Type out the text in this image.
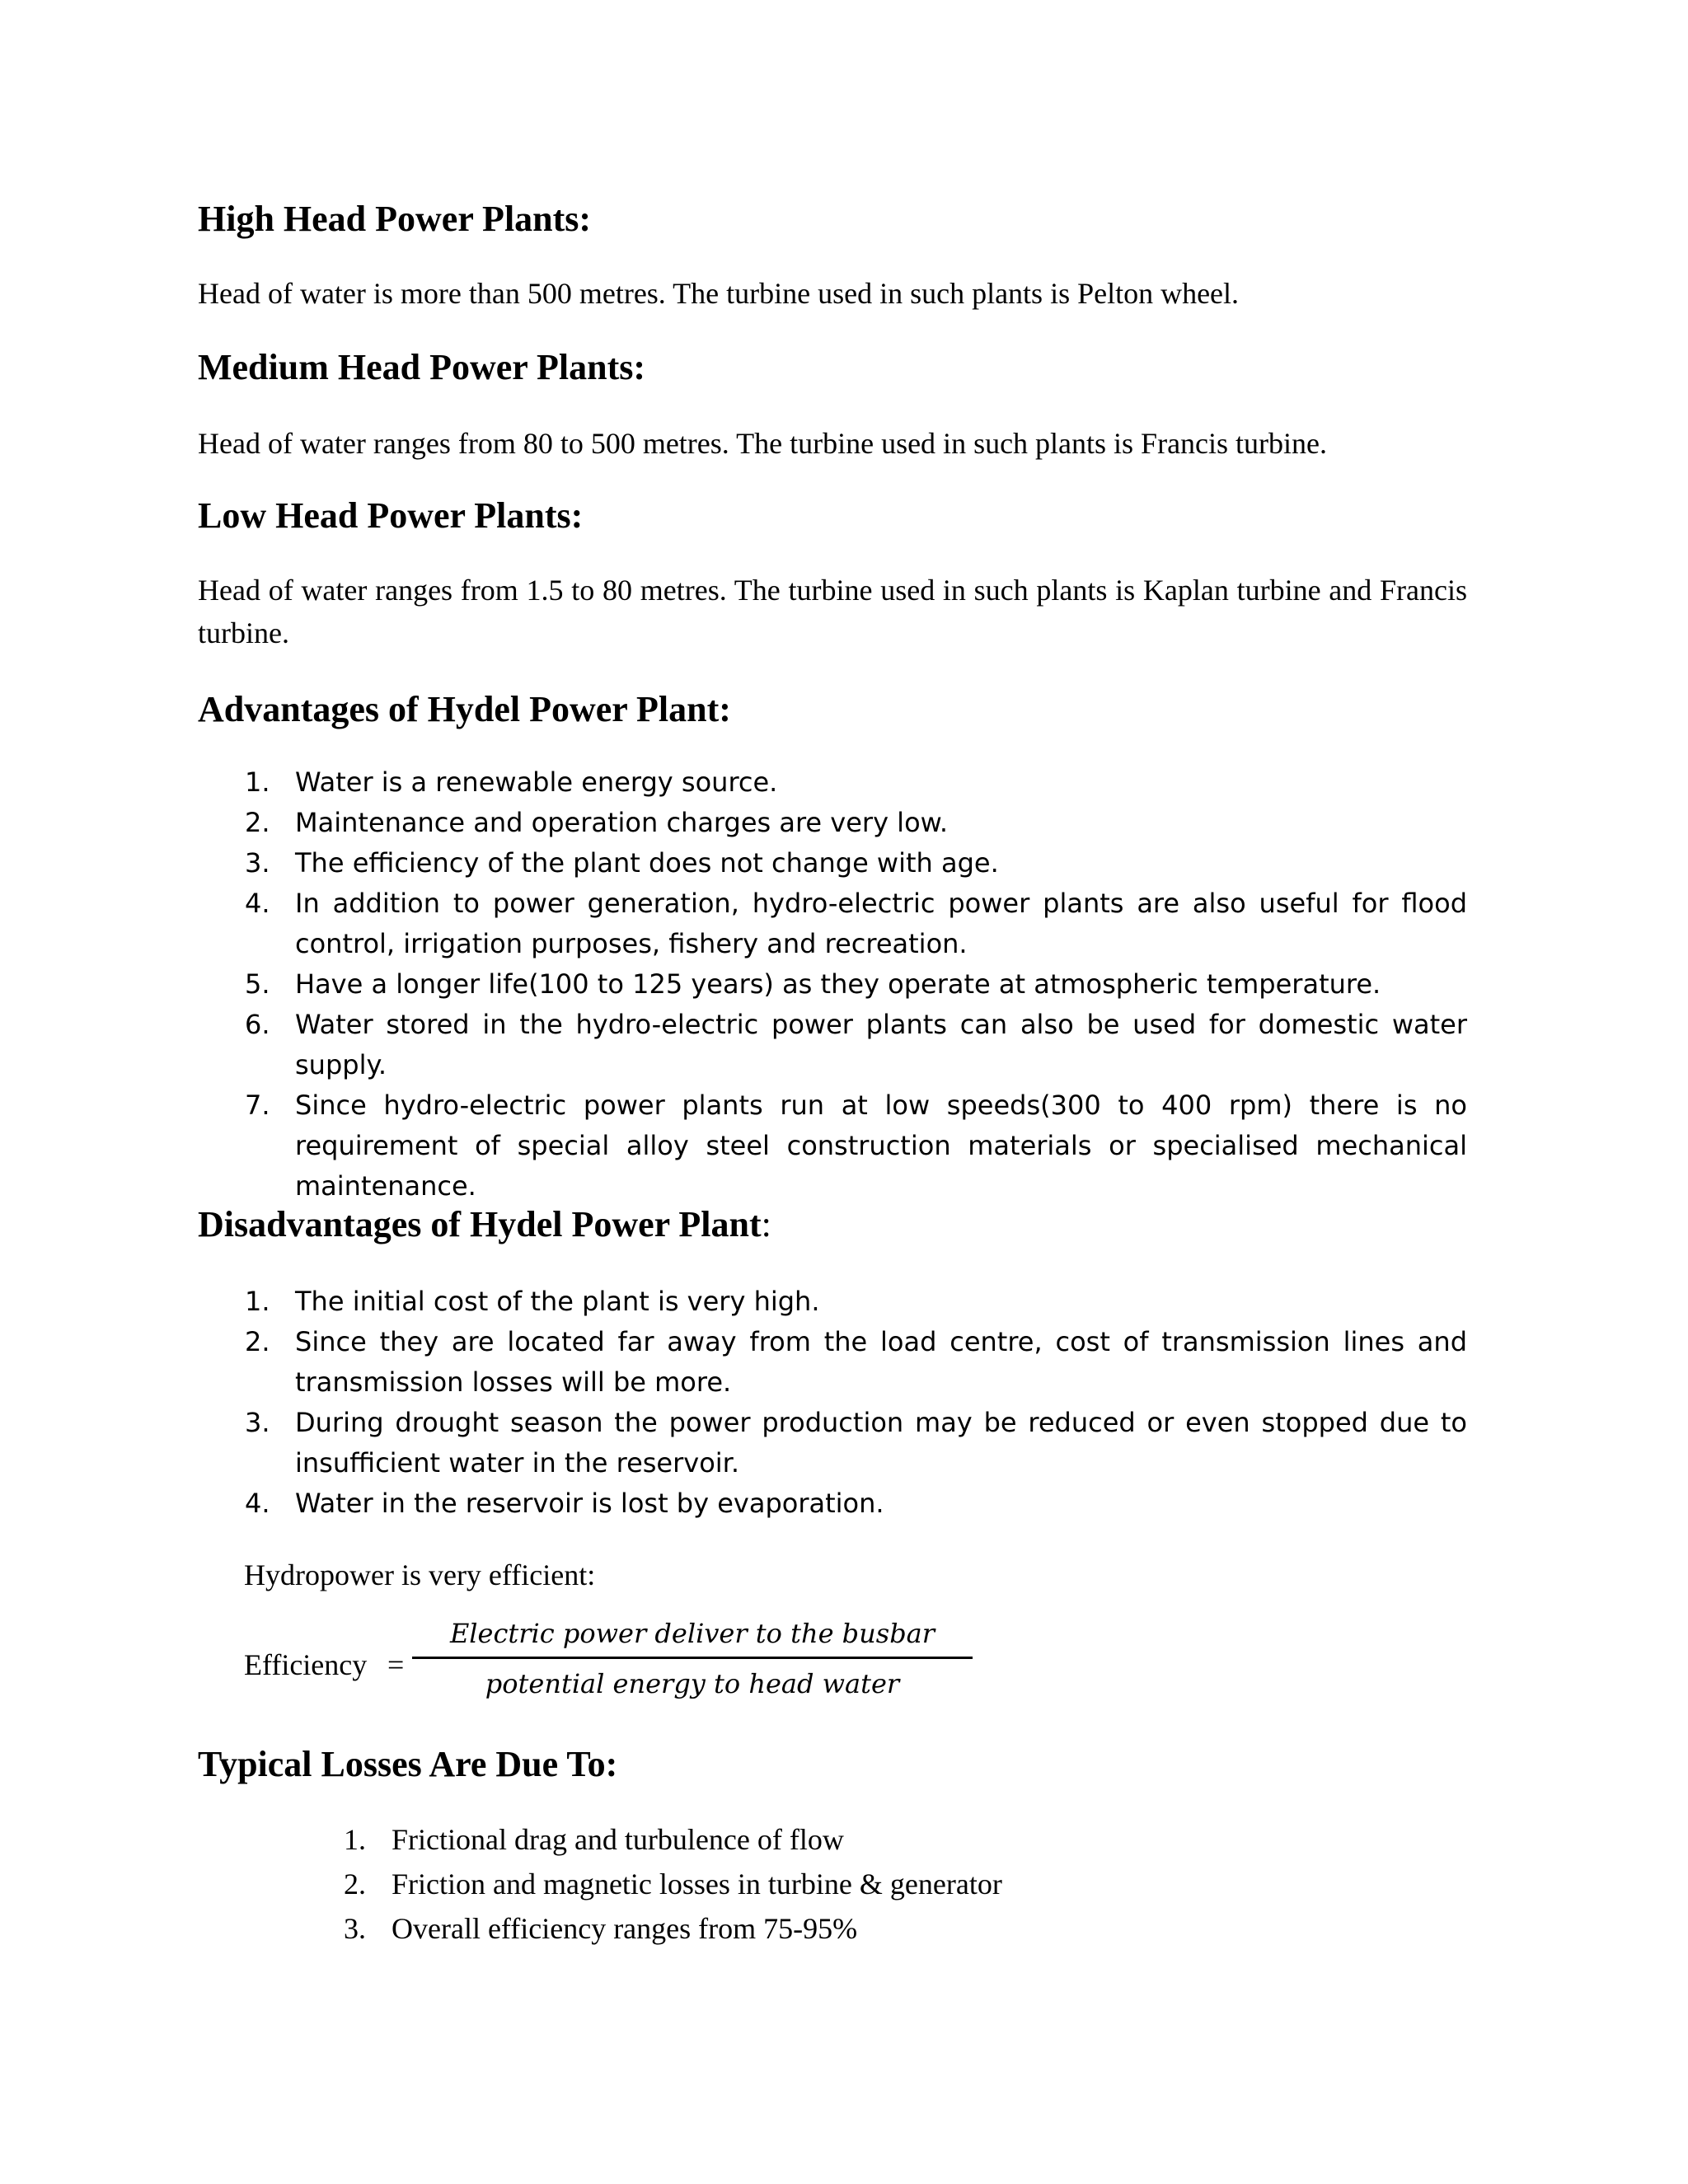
High Head Power Plants:

Head of water is more than 500 metres. The turbine used in such plants is Pelton wheel.

Medium Head Power Plants:

Head of water ranges from 80 to 500 metres. The turbine used in such plants is Francis turbine.

Low Head Power Plants:

Head of water ranges from 1.5 to 80 metres. The turbine used in such plants is Kaplan turbine and Francis turbine.

Advantages of Hydel Power Plant:
1. Water is a renewable energy source.
2. Maintenance and operation charges are very low.
3. The efficiency of the plant does not change with age.
4. In addition to power generation, hydro-electric power plants are also useful for flood control, irrigation purposes, fishery and recreation.
5. Have a longer life(100 to 125 years) as they operate at atmospheric temperature.
6. Water stored in the hydro-electric power plants can also be used for domestic water supply.
7. Since hydro-electric power plants run at low speeds(300 to 400 rpm) there is no requirement of special alloy steel construction materials or specialised mechanical maintenance.
Disadvantages of Hydel Power Plant:
1. The initial cost of the plant is very high.
2. Since they are located far away from the load centre, cost of transmission lines and transmission losses will be more.
3. During drought season the power production may be reduced or even stopped due to insufficient water in the reservoir.
4. Water in the reservoir is lost by evaporation.

Hydropower is very efficient:

Efficiency =
Electric power deliver to the busbar
potential energy to head water
Typical Losses Are Due To:
1. Frictional drag and turbulence of flow
2. Friction and magnetic losses in turbine & generator
3. Overall efficiency ranges from 75-95%
